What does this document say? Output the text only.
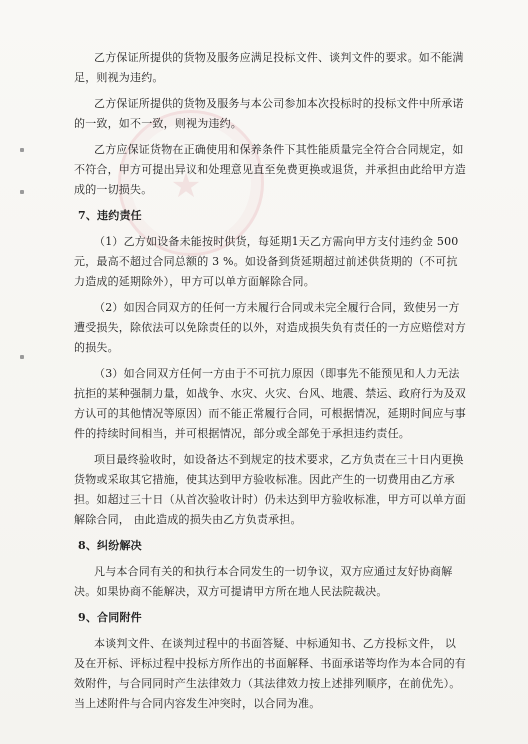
★

乙方保证所提供的货物及服务应满足投标文件、谈判文件的要求。如不能满足，则视为违约。

乙方保证所提供的货物及服务与本公司参加本次投标时的投标文件中所承诺的一致，如不一致，则视为违约。

乙方应保证货物在正确使用和保养条件下其性能质量完全符合合同规定，如不符合，甲方可提出异议和处理意见直至免费更换或退货，并承担由此给甲方造成的一切损失。

7、违约责任

（1）乙方如设备未能按时供货，每延期1天乙方需向甲方支付违约金 500 元，最高不超过合同总额的 3 %。如设备到货延期超过前述供货期的（不可抗力造成的延期除外），甲方可以单方面解除合同。

（2）如因合同双方的任何一方未履行合同或未完全履行合同，致使另一方遭受损失，除依法可以免除责任的以外，对造成损失负有责任的一方应赔偿对方的损失。

（3）如合同双方任何一方由于不可抗力原因（即事先不能预见和人力无法抗拒的某种强制力量，如战争、水灾、火灾、台风、地震、禁运、政府行为及双方认可的其他情况等原因）而不能正常履行合同，可根据情况，延期时间应与事件的持续时间相当，并可根据情况，部分或全部免于承担违约责任。

项目最终验收时，如设备达不到规定的技术要求，乙方负责在三十日内更换货物或采取其它措施，使其达到甲方验收标准。因此产生的一切费用由乙方承担。如超过三十日（从首次验收计时）仍未达到甲方验收标准，甲方可以单方面解除合同， 由此造成的损失由乙方负责承担。

8、纠纷解决

凡与本合同有关的和执行本合同发生的一切争议，双方应通过友好协商解决。如果协商不能解决，双方可提请甲方所在地人民法院裁决。

9、合同附件

本谈判文件、在谈判过程中的书面答疑、中标通知书、乙方投标文件， 以及在开标、评标过程中投标方所作出的书面解释、书面承诺等均作为本合同的有效附件，与合同同时产生法律效力（其法律效力按上述排列顺序，在前优先）。当上述附件与合同内容发生冲突时，以合同为准。
